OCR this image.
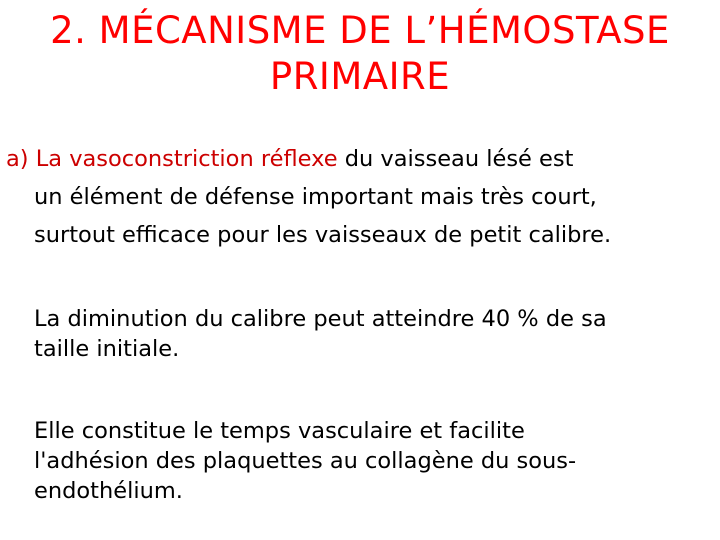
2. MÉCANISME DE L’HÉMOSTASE
PRIMAIRE
a) La vasoconstriction réflexe du vaisseau lésé est
un élément de défense important mais très court,
surtout efficace pour les vaisseaux de petit calibre.
La diminution du calibre peut atteindre 40 % de sa
taille initiale.
Elle constitue le temps vasculaire et facilite
l'adhésion des plaquettes au collagène du sous-
endothélium.
